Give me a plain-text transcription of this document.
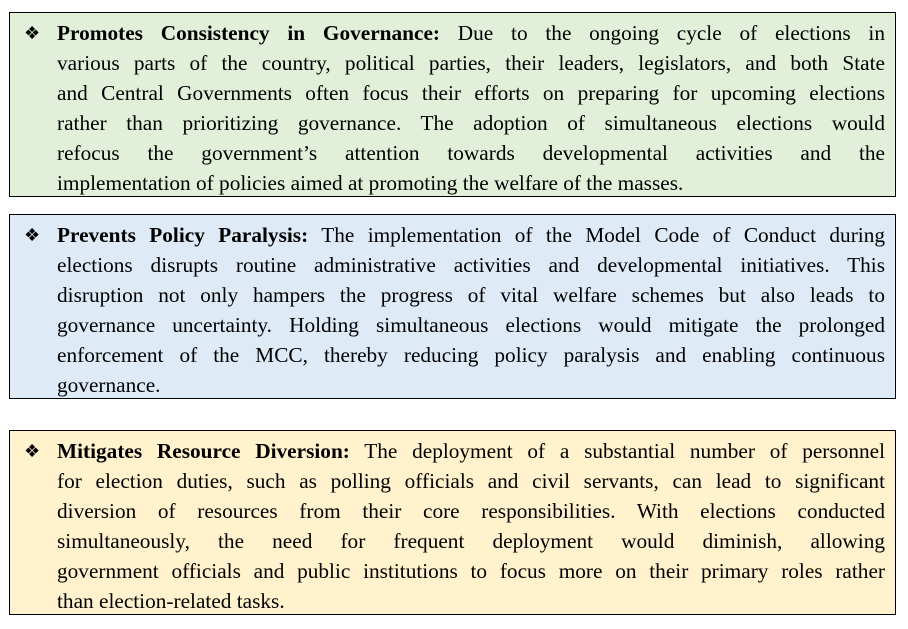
❖ Promotes Consistency in Governance: Due to the ongoing cycle of elections in
various parts of the country, political parties, their leaders, legislators, and both State
and Central Governments often focus their efforts on preparing for upcoming elections
rather than prioritizing governance. The adoption of simultaneous elections would
refocus the government’s attention towards developmental activities and the
implementation of policies aimed at promoting the welfare of the masses.
❖ Prevents Policy Paralysis: The implementation of the Model Code of Conduct during
elections disrupts routine administrative activities and developmental initiatives. This
disruption not only hampers the progress of vital welfare schemes but also leads to
governance uncertainty. Holding simultaneous elections would mitigate the prolonged
enforcement of the MCC, thereby reducing policy paralysis and enabling continuous
governance.
❖ Mitigates Resource Diversion: The deployment of a substantial number of personnel
for election duties, such as polling officials and civil servants, can lead to significant
diversion of resources from their core responsibilities. With elections conducted
simultaneously, the need for frequent deployment would diminish, allowing
government officials and public institutions to focus more on their primary roles rather
than election-related tasks.
